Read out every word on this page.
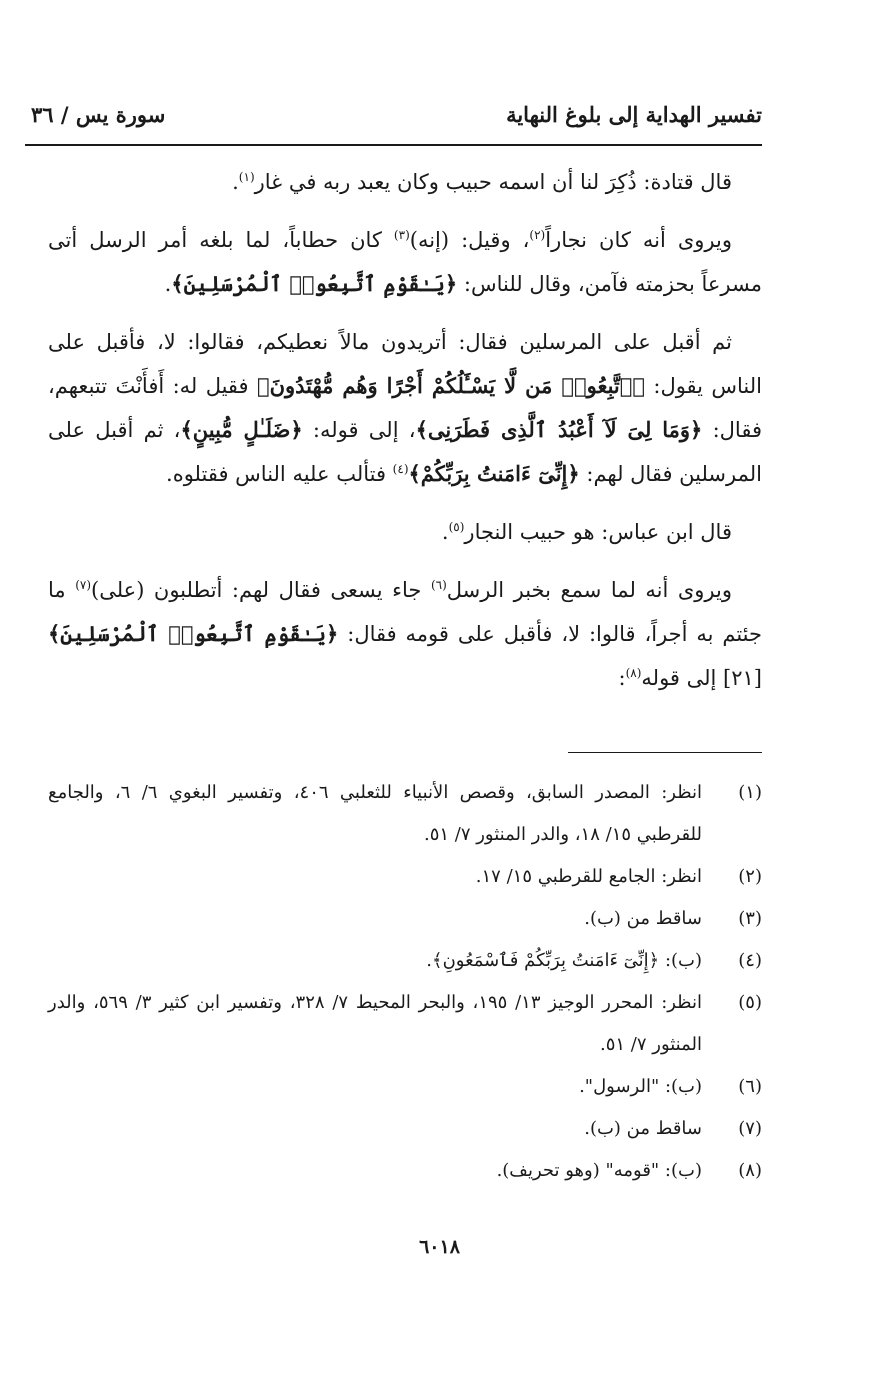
تفسير الهداية إلى بلوغ النهاية
سورة يس / ٣٦

قال قتادة: ذُكِرَ لنا أن اسمه حبيب وكان يعبد ربه في غار$^{(١)}$.

ويروى أنه كان نجاراً$^{(٢)}$، وقيل: (إنه)$^{(٣)}$ كان حطاباً، لما بلغه أمر الرسل أتى مسرعاً بحزمته فآمن، وقال للناس: ﴿يَـٰقَوْمِ ٱتَّبِعُوا۟ ٱلْمُرْسَلِينَ﴾.

ثم أقبل على المرسلين فقال: أتريدون مالاً نعطيكم، فقالوا: لا، فأقبل على الناس يقول: ﴿ٱتَّبِعُوا۟ مَن لَّا يَسْـَٔلُكُمْ أَجْرًا وَهُم مُّهْتَدُونَ﴾ فقيل له: أَفأَنْتَ تتبعهم، فقال: ﴿وَمَا لِىَ لَآ أَعْبُدُ ٱلَّذِى فَطَرَنِى﴾، إلى قوله: ﴿ضَلَـٰلٍ مُّبِينٍ﴾، ثم أقبل على المرسلين فقال لهم: ﴿إِنِّىٓ ءَامَنتُ بِرَبِّكُمْ﴾$^{(٤)}$ فتألب عليه الناس فقتلوه.

قال ابن عباس: هو حبيب النجار$^{(٥)}$.

ويروى أنه لما سمع بخبر الرسل$^{(٦)}$ جاء يسعى فقال لهم: أتطلبون (على)$^{(٧)}$ ما جئتم به أجراً، قالوا: لا، فأقبل على قومه فقال: ﴿يَـٰقَوْمِ ٱتَّبِعُوا۟ ٱلْمُرْسَلِينَ﴾[٢١] إلى قوله$^{(٨)}$:

(١)
انظر: المصدر السابق، وقصص الأنبياء للثعلبي ٤٠٦، وتفسير البغوي ٦/ ٦، والجامع للقرطبي ١٥/ ١٨، والدر المنثور ٧/ ٥١.
(٢)
انظر: الجامع للقرطبي ١٥/ ١٧.
(٣)
ساقط من (ب).
(٤)
(ب): ﴿إِنِّىٓ ءَامَنتُ بِرَبِّكُمْ فَٱسْمَعُونِ﴾.
(٥)
انظر: المحرر الوجيز ١٣/ ١٩٥، والبحر المحيط ٧/ ٣٢٨، وتفسير ابن كثير ٣/ ٥٦٩، والدر المنثور ٧/ ٥١.
(٦)
(ب): "الرسول".
(٧)
ساقط من (ب).
(٨)
(ب): "قومه" (وهو تحريف).
٦٠١٨
